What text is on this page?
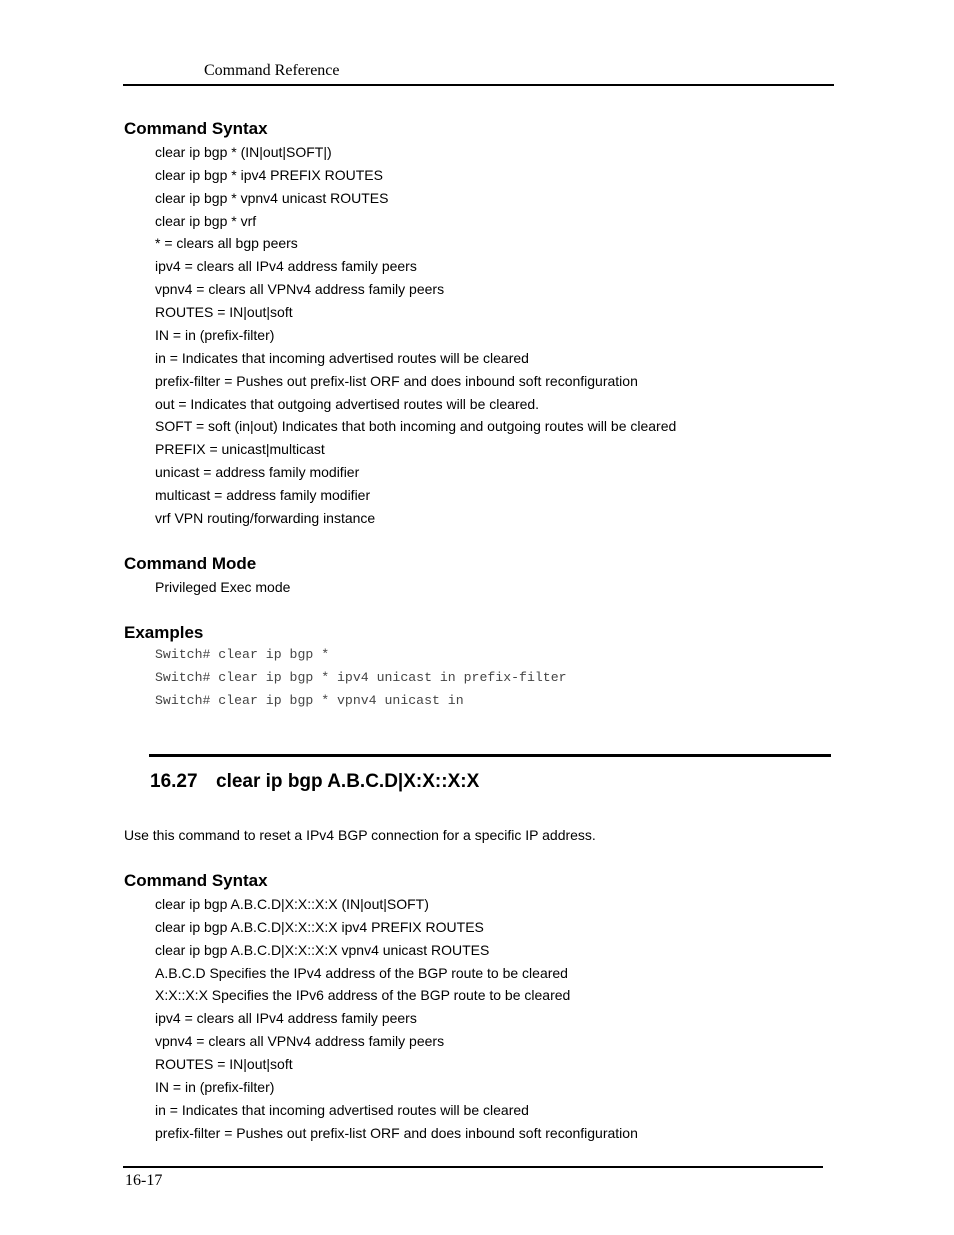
Command Reference
Command Syntax
clear ip bgp * (IN|out|SOFT|)
clear ip bgp * ipv4 PREFIX ROUTES
clear ip bgp * vpnv4 unicast ROUTES
clear ip bgp * vrf
* = clears all bgp peers
ipv4 = clears all IPv4 address family peers
vpnv4 = clears all VPNv4 address family peers
ROUTES = IN|out|soft
IN = in (prefix-filter)
in = Indicates that incoming advertised routes will be cleared
prefix-filter = Pushes out prefix-list ORF and does inbound soft reconfiguration
out = Indicates that outgoing advertised routes will be cleared.
SOFT = soft (in|out) Indicates that both incoming and outgoing routes will be cleared
PREFIX = unicast|multicast
unicast = address family modifier
multicast = address family modifier
vrf VPN routing/forwarding instance
Command Mode
Privileged Exec mode
Examples
Switch# clear ip bgp *
Switch# clear ip bgp * ipv4 unicast in prefix-filter
Switch# clear ip bgp * vpnv4 unicast in
16.27 clear ip bgp A.B.C.D|X:X::X:X
Use this command to reset a IPv4 BGP connection for a specific IP address.
Command Syntax
clear ip bgp A.B.C.D|X:X::X:X (IN|out|SOFT)
clear ip bgp A.B.C.D|X:X::X:X ipv4 PREFIX ROUTES
clear ip bgp A.B.C.D|X:X::X:X vpnv4 unicast ROUTES
A.B.C.D Specifies the IPv4 address of the BGP route to be cleared
X:X::X:X Specifies the IPv6 address of the BGP route to be cleared
ipv4 = clears all IPv4 address family peers
vpnv4 = clears all VPNv4 address family peers
ROUTES = IN|out|soft
IN = in (prefix-filter)
in = Indicates that incoming advertised routes will be cleared
prefix-filter = Pushes out prefix-list ORF and does inbound soft reconfiguration
16-17
